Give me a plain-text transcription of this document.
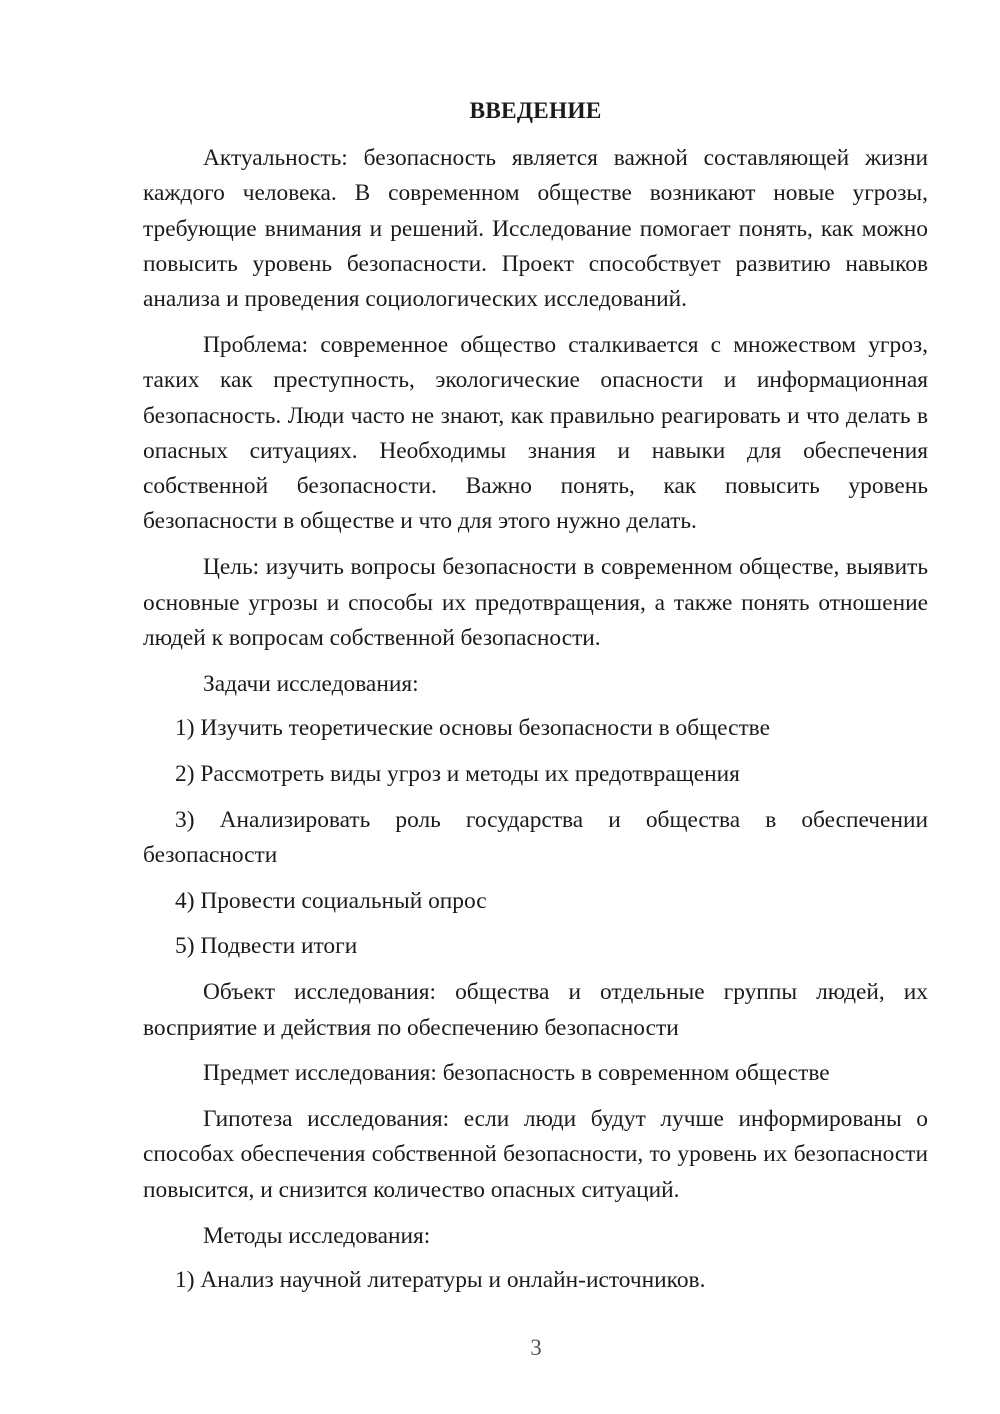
ВВЕДЕНИЕ

Актуальность: безопасность является важной составляющей жизни каждого человека. В современном обществе возникают новые угрозы, требующие внимания и решений. Исследование помогает понять, как можно повысить уровень безопасности. Проект способствует развитию навыков анализа и проведения социологических исследований.

Проблема: современное общество сталкивается с множеством угроз, таких как преступность, экологические опасности и информационная безопасность. Люди часто не знают, как правильно реагировать и что делать в опасных ситуациях. Необходимы знания и навыки для обеспечения собственной безопасности. Важно понять, как повысить уровень безопасности в обществе и что для этого нужно делать.

Цель: изучить вопросы безопасности в современном обществе, выявить основные угрозы и способы их предотвращения, а также понять отношение людей к вопросам собственной безопасности.

Задачи исследования:

1) Изучить теоретические основы безопасности в обществе

2) Рассмотреть виды угроз и методы их предотвращения

3) Анализировать роль государства и общества в обеспечении безопасности

4) Провести социальный опрос

5) Подвести итоги

Объект исследования: общества и отдельные группы людей, их восприятие и действия по обеспечению безопасности

Предмет исследования: безопасность в современном обществе

Гипотеза исследования: если люди будут лучше информированы о способах обеспечения собственной безопасности, то уровень их безопасности повысится, и снизится количество опасных ситуаций.

Методы исследования:

1) Анализ научной литературы и онлайн-источников.

3
